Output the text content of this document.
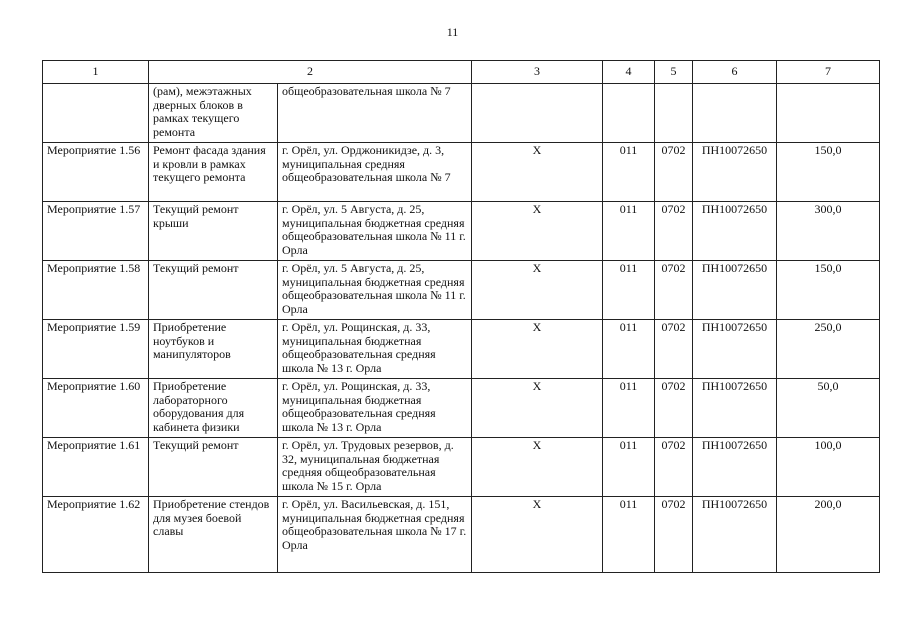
11
1	2		3	4	5	6	7
	(рам), межэтажных дверных блоков в рамках текущего ремонта	общеобразовательная школа № 7					
Мероприятие 1.56	Ремонт фасада здания и кровли в рамках текущего ремонта	г. Орёл, ул. Орджоникидзе, д. 3, муниципальная средняя общеобразовательная школа № 7	Х	011	0702	ПН10072650	150,0
Мероприятие 1.57	Текущий ремонт крыши	г. Орёл, ул. 5 Августа, д. 25, муниципальная бюджетная средняя общеобразовательная школа № 11 г. Орла	Х	011	0702	ПН10072650	300,0
Мероприятие 1.58	Текущий ремонт	г. Орёл, ул. 5 Августа, д. 25, муниципальная бюджетная средняя общеобразовательная школа № 11 г. Орла	Х	011	0702	ПН10072650	150,0
Мероприятие 1.59	Приобретение ноутбуков и манипуляторов	г. Орёл, ул. Рощинская, д. 33, муниципальная бюджетная общеобразовательная средняя школа № 13 г. Орла	Х	011	0702	ПН10072650	250,0
Мероприятие 1.60	Приобретение лабораторного оборудования для кабинета физики	г. Орёл, ул. Рощинская, д. 33, муниципальная бюджетная общеобразовательная средняя школа № 13 г. Орла	Х	011	0702	ПН10072650	50,0
Мероприятие 1.61	Текущий ремонт	г. Орёл, ул. Трудовых резервов, д. 32, муниципальная бюджетная средняя общеобразовательная школа № 15 г. Орла	Х	011	0702	ПН10072650	100,0
Мероприятие 1.62	Приобретение стендов для музея боевой славы	г. Орёл, ул. Васильевская, д. 151, муниципальная бюджетная средняя общеобразовательная школа № 17 г. Орла	Х	011	0702	ПН10072650	200,0
